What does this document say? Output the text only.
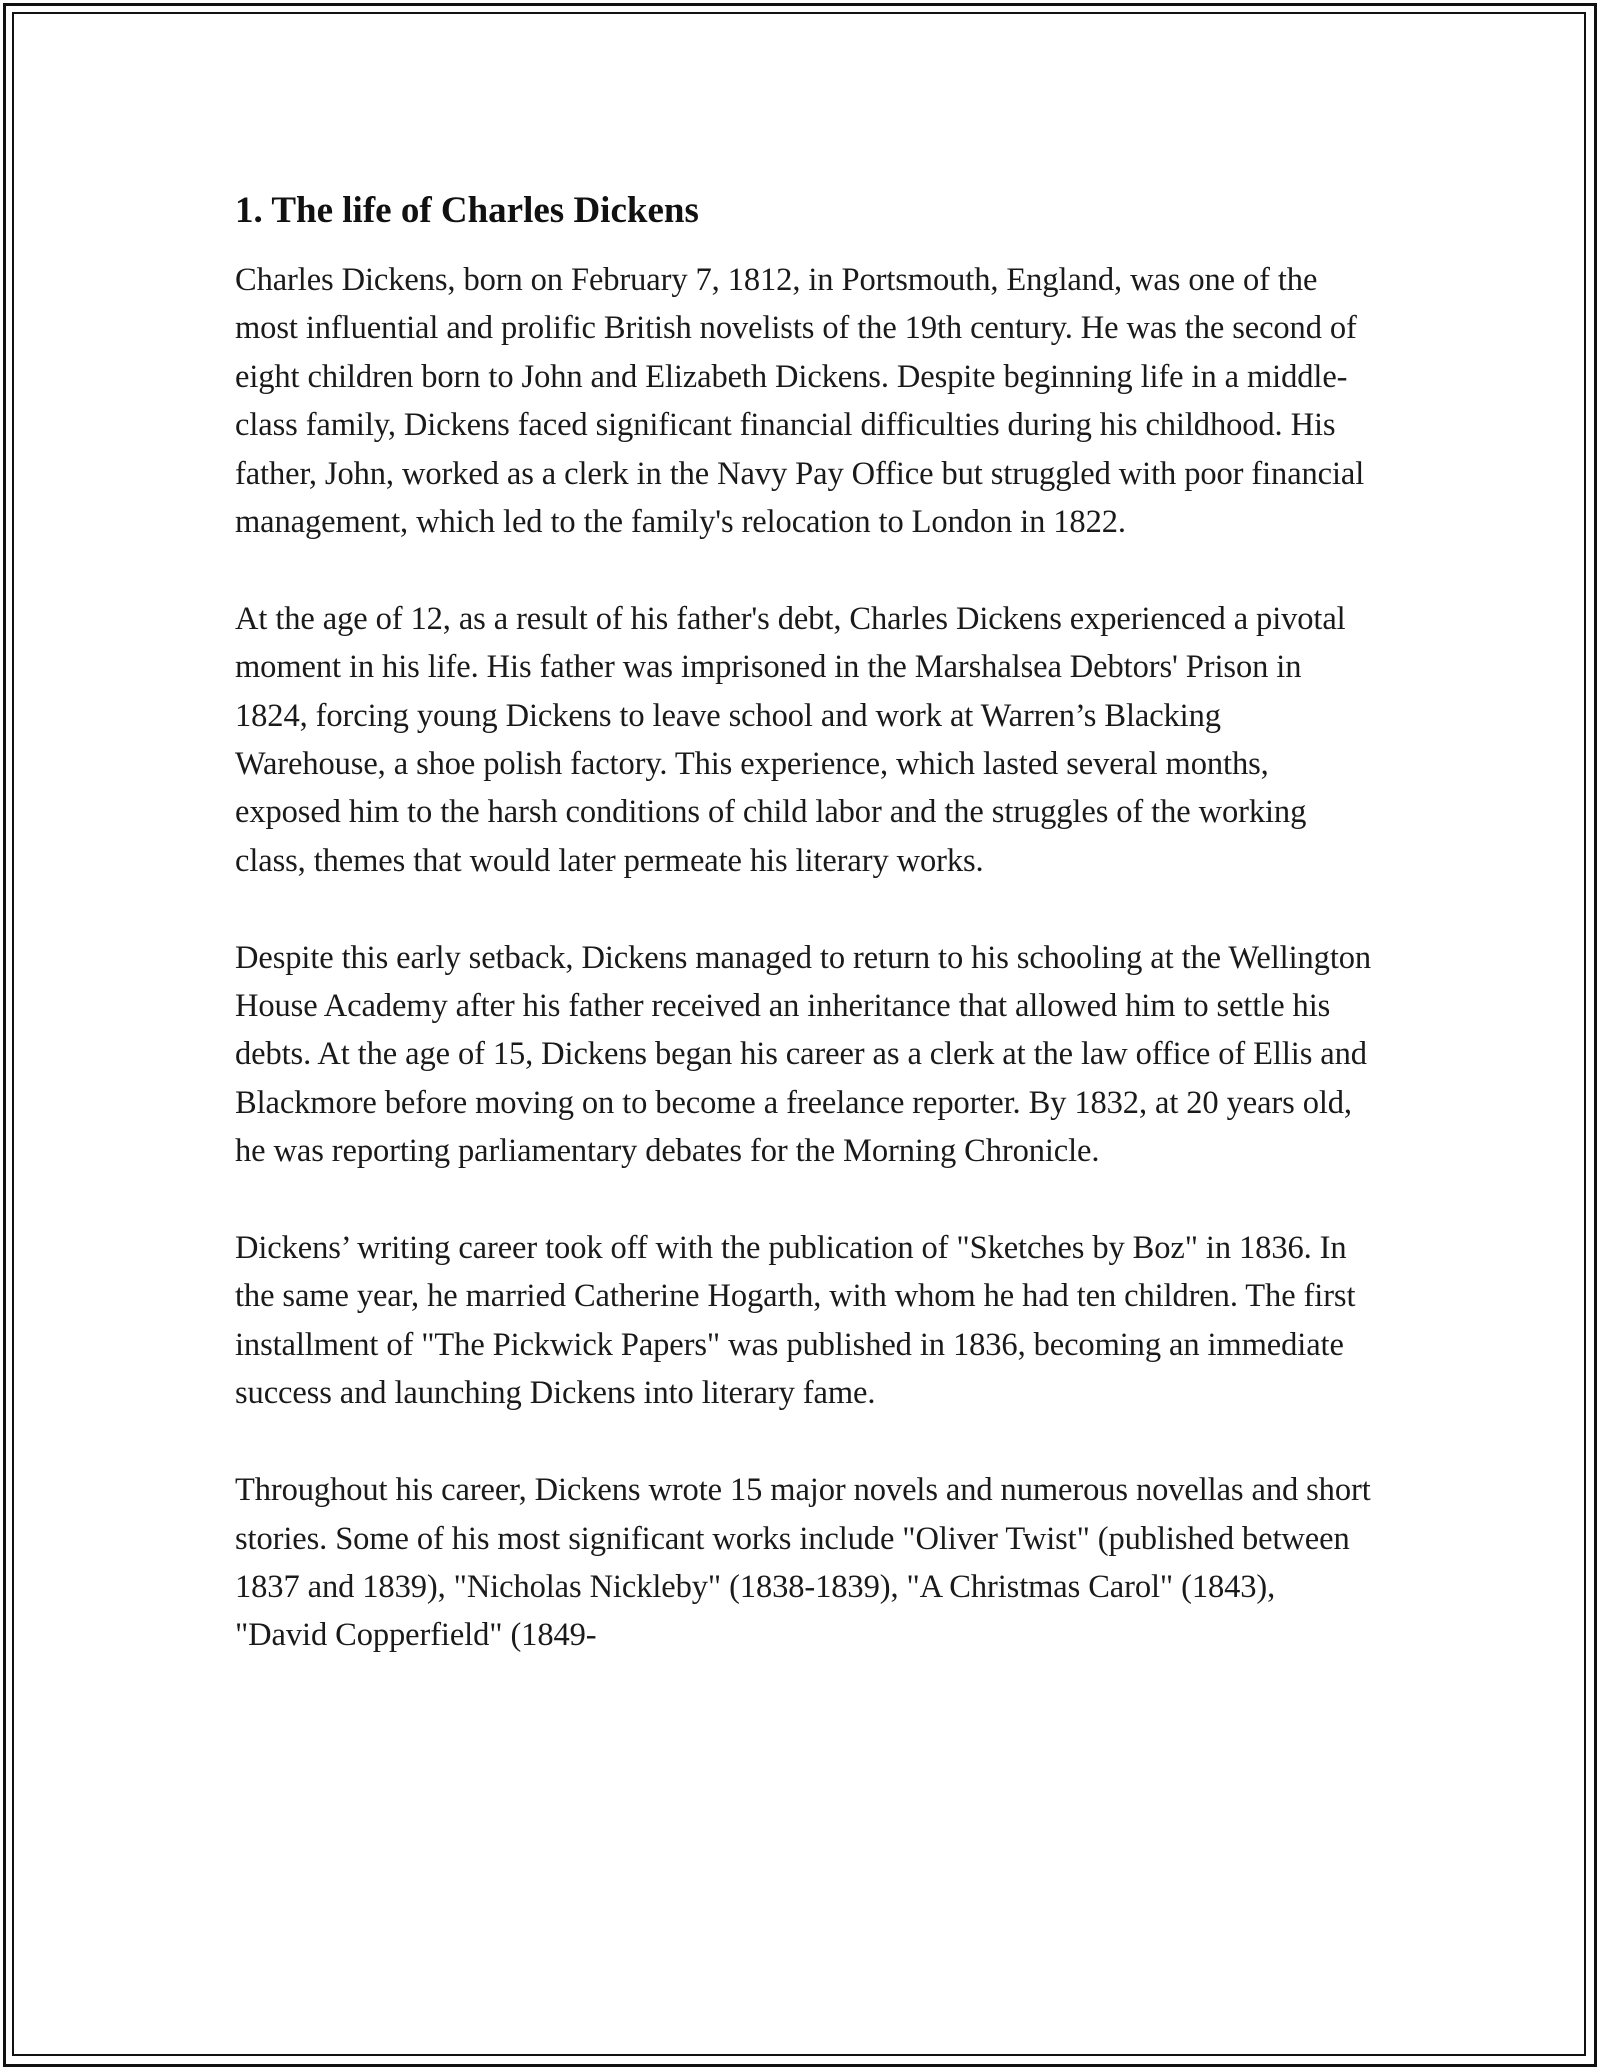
1. The life of Charles Dickens

Charles Dickens, born on February 7, 1812, in Portsmouth, England, was one of the most influential and prolific British novelists of the 19th century. He was the second of eight children born to John and Elizabeth Dickens. Despite beginning life in a middle-class family, Dickens faced significant financial difficulties during his childhood. His father, John, worked as a clerk in the Navy Pay Office but struggled with poor financial management, which led to the family's relocation to London in 1822.

At the age of 12, as a result of his father's debt, Charles Dickens experienced a pivotal moment in his life. His father was imprisoned in the Marshalsea Debtors' Prison in 1824, forcing young Dickens to leave school and work at Warren’s Blacking Warehouse, a shoe polish factory. This experience, which lasted several months, exposed him to the harsh conditions of child labor and the struggles of the working class, themes that would later permeate his literary works.

Despite this early setback, Dickens managed to return to his schooling at the Wellington House Academy after his father received an inheritance that allowed him to settle his debts. At the age of 15, Dickens began his career as a clerk at the law office of Ellis and Blackmore before moving on to become a freelance reporter. By 1832, at 20 years old, he was reporting parliamentary debates for the Morning Chronicle.

Dickens’ writing career took off with the publication of "Sketches by Boz" in 1836. In the same year, he married Catherine Hogarth, with whom he had ten children. The first installment of "The Pickwick Papers" was published in 1836, becoming an immediate success and launching Dickens into literary fame.

Throughout his career, Dickens wrote 15 major novels and numerous novellas and short stories. Some of his most significant works include "Oliver Twist" (published between 1837 and 1839), "Nicholas Nickleby" (1838-1839), "A Christmas Carol" (1843), "David Copperfield" (1849-
